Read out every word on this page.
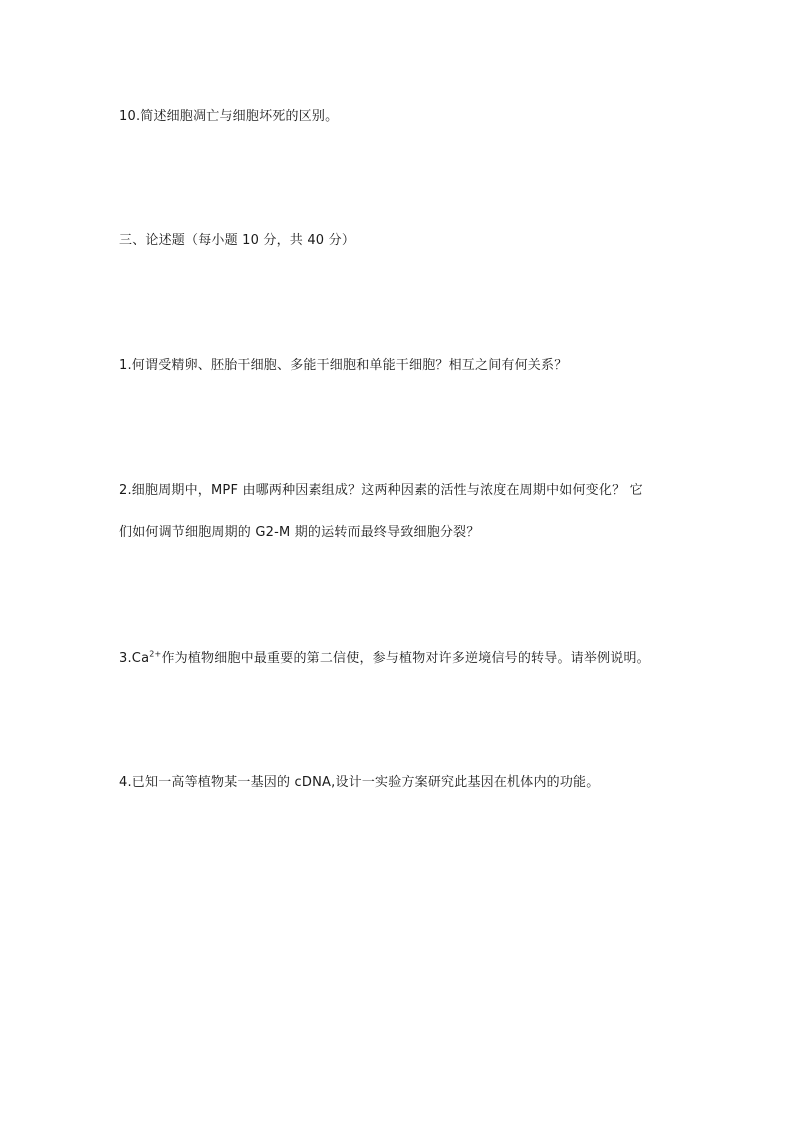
10.简述细胞凋亡与细胞坏死的区别。
三、论述题（每小题 10 分，共 40 分）
1.何谓受精卵、胚胎干细胞、多能干细胞和单能干细胞？相互之间有何关系？
2.细胞周期中，MPF 由哪两种因素组成？这两种因素的活性与浓度在周期中如何变化？ 它
们如何调节细胞周期的 G2-M 期的运转而最终导致细胞分裂？
$3.Ca^{2+}$作为植物细胞中最重要的第二信使，参与植物对许多逆境信号的转导。请举例说明。
4.已知一高等植物某一基因的 cDNA,设计一实验方案研究此基因在机体内的功能。
